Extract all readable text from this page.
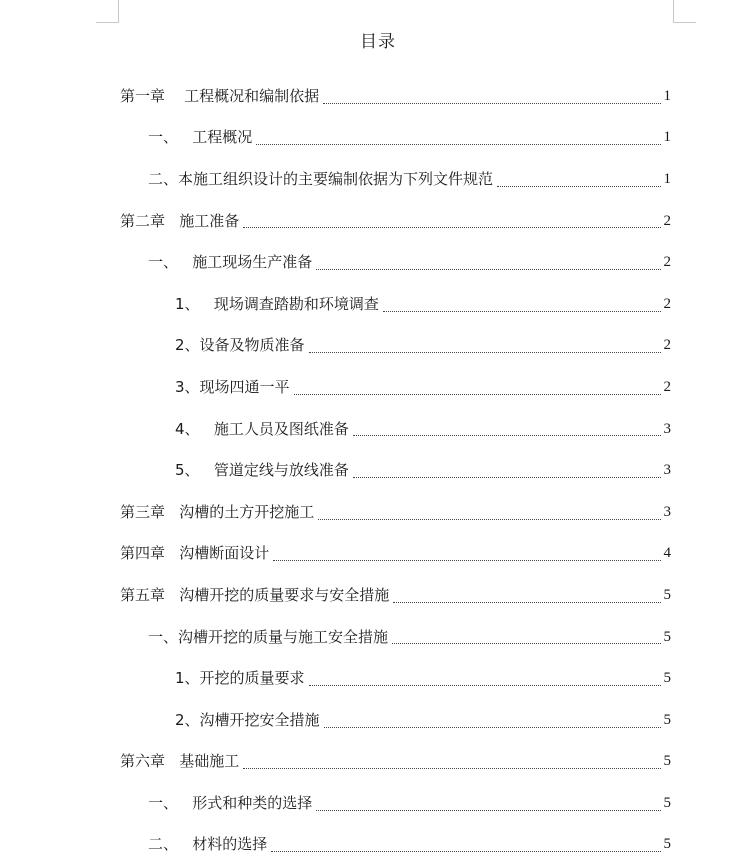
目录
第一章    工程概况和编制依据	1
一、   工程概况	1
二、本施工组织设计的主要编制依据为下列文件规范	1
第二章   施工准备	2
一、   施工现场生产准备	2
1、   现场调查踏勘和环境调查	2
2、设备及物质准备	2
3、现场四通一平	2
4、   施工人员及图纸准备	3
5、   管道定线与放线准备	3
第三章   沟槽的土方开挖施工	3
第四章   沟槽断面设计	4
第五章   沟槽开挖的质量要求与安全措施	5
一、沟槽开挖的质量与施工安全措施	5
1、开挖的质量要求	5
2、沟槽开挖安全措施	5
第六章   基础施工	5
一、   形式和种类的选择	5
二、   材料的选择	5
